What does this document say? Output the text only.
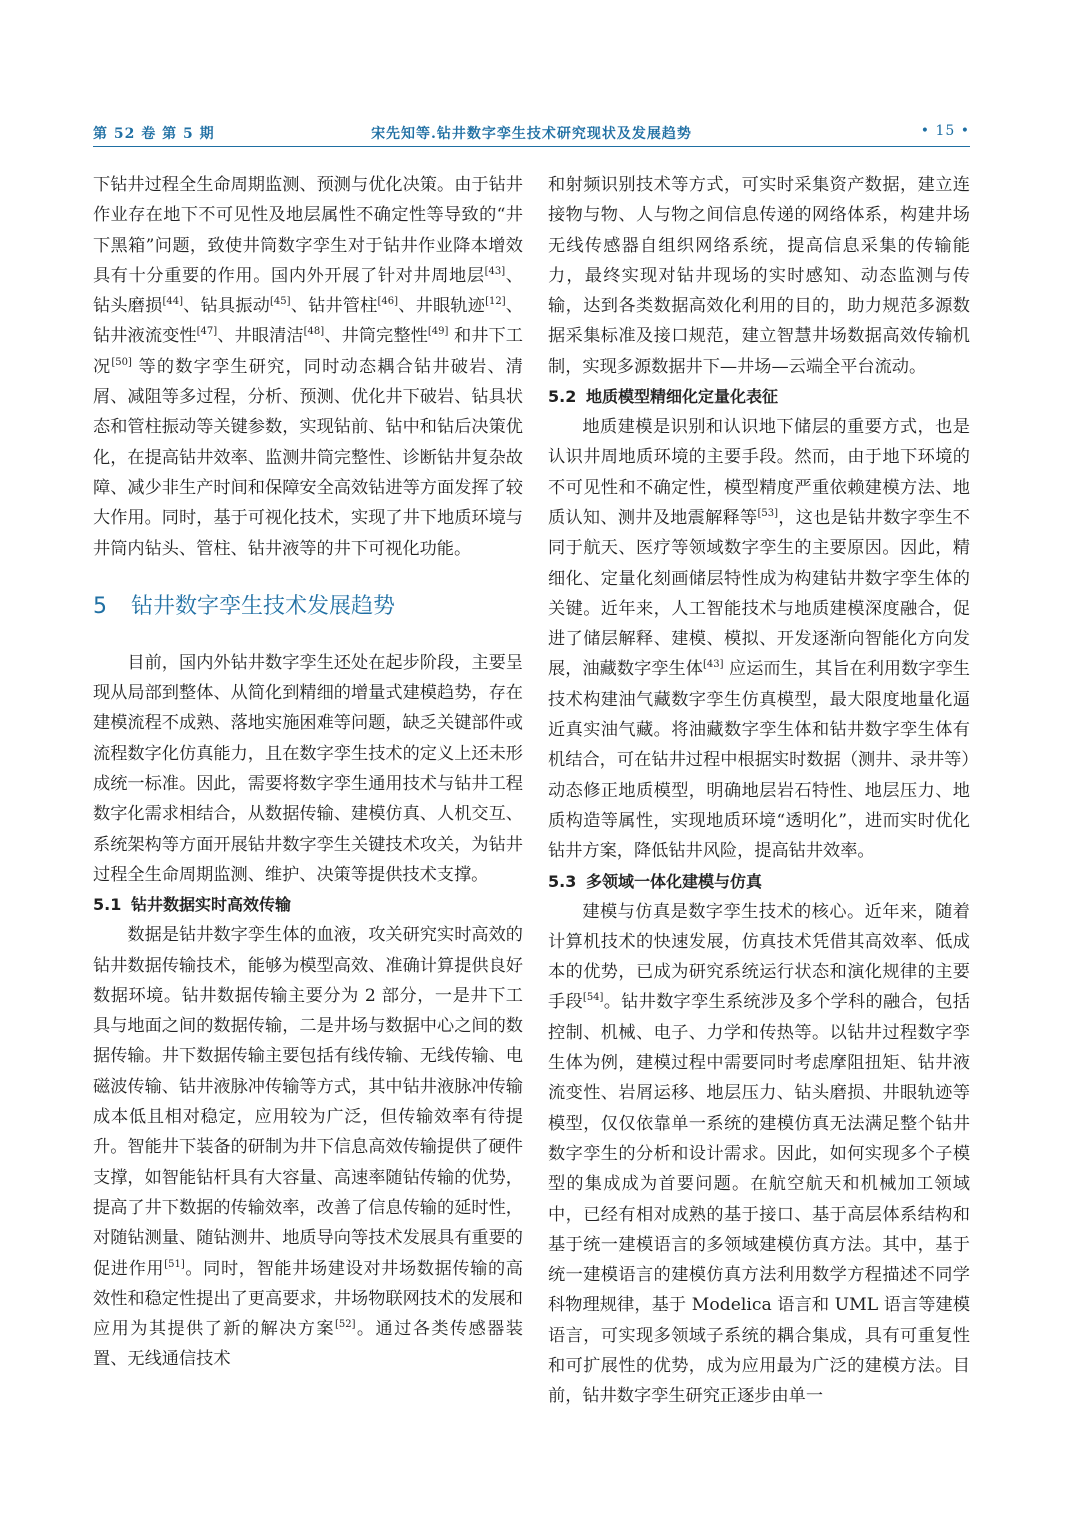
第 52 卷 第 5 期	宋先知等.钻井数字孪生技术研究现状及发展趋势	• 15 •

下钻井过程全生命周期监测、预测与优化决策。由于钻井作业存在地下不可见性及地层属性不确定性等导致的“井下黑箱”问题，致使井筒数字孪生对于钻井作业降本增效具有十分重要的作用。国内外开展了针对井周地层[43]、钻头磨损[44]、钻具振动[45]、钻井管柱[46]、井眼轨迹[12]、钻井液流变性[47]、井眼清洁[48]、井筒完整性[49] 和井下工况[50] 等的数字孪生研究，同时动态耦合钻井破岩、清屑、减阻等多过程，分析、预测、优化井下破岩、钻具状态和管柱振动等关键参数，实现钻前、钻中和钻后决策优化，在提高钻井效率、监测井筒完整性、诊断钻井复杂故障、减少非生产时间和保障安全高效钻进等方面发挥了较大作用。同时，基于可视化技术，实现了井下地质环境与井筒内钻头、管柱、钻井液等的井下可视化功能。

5 钻井数字孪生技术发展趋势

目前，国内外钻井数字孪生还处在起步阶段，主要呈现从局部到整体、从简化到精细的增量式建模趋势，存在建模流程不成熟、落地实施困难等问题，缺乏关键部件或流程数字化仿真能力，且在数字孪生技术的定义上还未形成统一标准。因此，需要将数字孪生通用技术与钻井工程数字化需求相结合，从数据传输、建模仿真、人机交互、系统架构等方面开展钻井数字孪生关键技术攻关，为钻井过程全生命周期监测、维护、决策等提供技术支撑。

5.1 钻井数据实时高效传输

数据是钻井数字孪生体的血液，攻关研究实时高效的钻井数据传输技术，能够为模型高效、准确计算提供良好数据环境。钻井数据传输主要分为 2 部分，一是井下工具与地面之间的数据传输，二是井场与数据中心之间的数据传输。井下数据传输主要包括有线传输、无线传输、电磁波传输、钻井液脉冲传输等方式，其中钻井液脉冲传输成本低且相对稳定，应用较为广泛，但传输效率有待提升。智能井下装备的研制为井下信息高效传输提供了硬件支撑，如智能钻杆具有大容量、高速率随钻传输的优势，提高了井下数据的传输效率，改善了信息传输的延时性，对随钻测量、随钻测井、地质导向等技术发展具有重要的促进作用[51]。同时，智能井场建设对井场数据传输的高效性和稳定性提出了更高要求，井场物联网技术的发展和应用为其提供了新的解决方案[52]。通过各类传感器装置、无线通信技术

和射频识别技术等方式，可实时采集资产数据，建立连接物与物、人与物之间信息传递的网络体系，构建井场无线传感器自组织网络系统，提高信息采集的传输能力，最终实现对钻井现场的实时感知、动态监测与传输，达到各类数据高效化利用的目的，助力规范多源数据采集标准及接口规范，建立智慧井场数据高效传输机制，实现多源数据井下—井场—云端全平台流动。

5.2 地质模型精细化定量化表征

地质建模是识别和认识地下储层的重要方式，也是认识井周地质环境的主要手段。然而，由于地下环境的不可见性和不确定性，模型精度严重依赖建模方法、地质认知、测井及地震解释等[53]，这也是钻井数字孪生不同于航天、医疗等领域数字孪生的主要原因。因此，精细化、定量化刻画储层特性成为构建钻井数字孪生体的关键。近年来，人工智能技术与地质建模深度融合，促进了储层解释、建模、模拟、开发逐渐向智能化方向发展，油藏数字孪生体[43] 应运而生，其旨在利用数字孪生技术构建油气藏数字孪生仿真模型，最大限度地量化逼近真实油气藏。将油藏数字孪生体和钻井数字孪生体有机结合，可在钻井过程中根据实时数据（测井、录井等）动态修正地质模型，明确地层岩石特性、地层压力、地质构造等属性，实现地质环境“透明化”，进而实时优化钻井方案，降低钻井风险，提高钻井效率。

5.3 多领域一体化建模与仿真

建模与仿真是数字孪生技术的核心。近年来，随着计算机技术的快速发展，仿真技术凭借其高效率、低成本的优势，已成为研究系统运行状态和演化规律的主要手段[54]。钻井数字孪生系统涉及多个学科的融合，包括控制、机械、电子、力学和传热等。以钻井过程数字孪生体为例，建模过程中需要同时考虑摩阻扭矩、钻井液流变性、岩屑运移、地层压力、钻头磨损、井眼轨迹等模型，仅仅依靠单一系统的建模仿真无法满足整个钻井数字孪生的分析和设计需求。因此，如何实现多个子模型的集成成为首要问题。在航空航天和机械加工领域中，已经有相对成熟的基于接口、基于高层体系结构和基于统一建模语言的多领域建模仿真方法。其中，基于统一建模语言的建模仿真方法利用数学方程描述不同学科物理规律，基于 Modelica 语言和 UML 语言等建模语言，可实现多领域子系统的耦合集成，具有可重复性和可扩展性的优势，成为应用最为广泛的建模方法。目前，钻井数字孪生研究正逐步由单一
